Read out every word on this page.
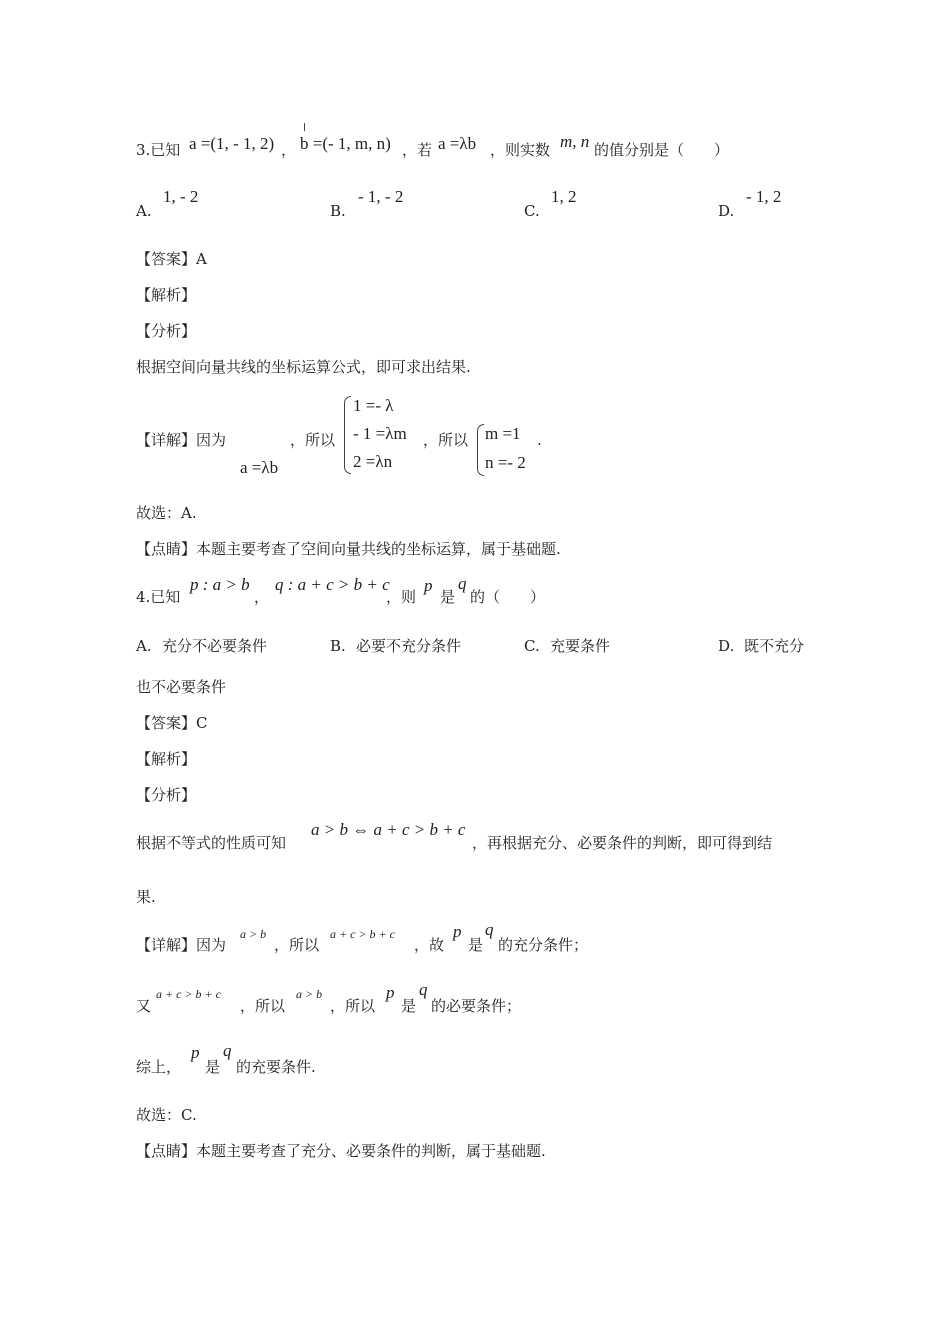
3.已知 a =(1, - 1, 2) ， b =(- 1, m, n) ，若 a =λb ，则实数 m, n 的值分别是（　　）
A.
1, - 2
B.
- 1, - 2
C.
1, 2
D.
- 1, 2
【答案】A
【解析】
【分析】
根据空间向量共线的坐标运算公式，即可求出结果.
【详解】因为
a =λb
，所以
1 =- λ
- 1 =λm
2 =λn
，所以 m =1
n =- 2
.
故选：A.
【点睛】本题主要考查了空间向量共线的坐标运算，属于基础题.
4.已知
p : a > b
，
q : a + c > b + c
，则
p
是
q
的（　　）
A. 充分不必要条件	B. 必要不充分条件	C. 充要条件	D. 既不充分
也不必要条件
【答案】C
【解析】
【分析】
根据不等式的性质可知
a > b ⇔ a + c > b + c
，再根据充分、必要条件的判断，即可得到结
果.
【详解】因为
a > b
，所以
a + c > b + c
，故
p
是
q
的充分条件；
又
a + c > b + c
，所以
a > b
，所以
p
是
q
的必要条件；
综上，
p
是
q
的充要条件.
故选：C.
【点睛】本题主要考查了充分、必要条件的判断，属于基础题.
